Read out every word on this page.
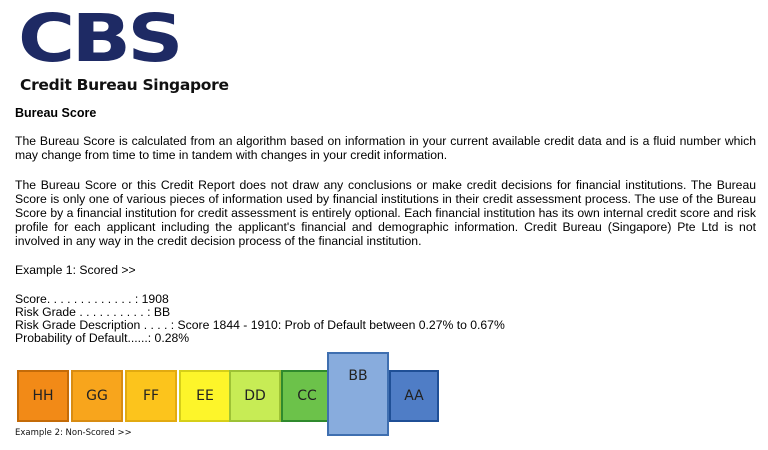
CBS
Credit Bureau Singapore
Bureau Score

The Bureau Score is calculated from an algorithm based on information in your current available credit data and is a fluid number which may change from time to time in tandem with changes in your credit information.

The Bureau Score or this Credit Report does not draw any conclusions or make credit decisions for financial institutions. The Bureau Score is only one of various pieces of information used by financial institutions in their credit assessment process. The use of the Bureau Score by a financial institution for credit assessment is entirely optional. Each financial institution has its own internal credit score and risk profile for each applicant including the applicant's financial and demographic information. Credit Bureau (Singapore) Pte Ltd is not involved in any way in the credit decision process of the financial institution.

Example 1: Scored >>
Score. . . . . . . . . . . . . : 1908
Risk Grade . . . . . . . . . . : BB
Risk Grade Description . . . . : Score 1844 - 1910: Prob of Default between 0.27% to 0.67%
Probability of Default......: 0.28%
HH	GG	FF	EE	DD	CC
BB
AA
Example 2: Non-Scored >>
